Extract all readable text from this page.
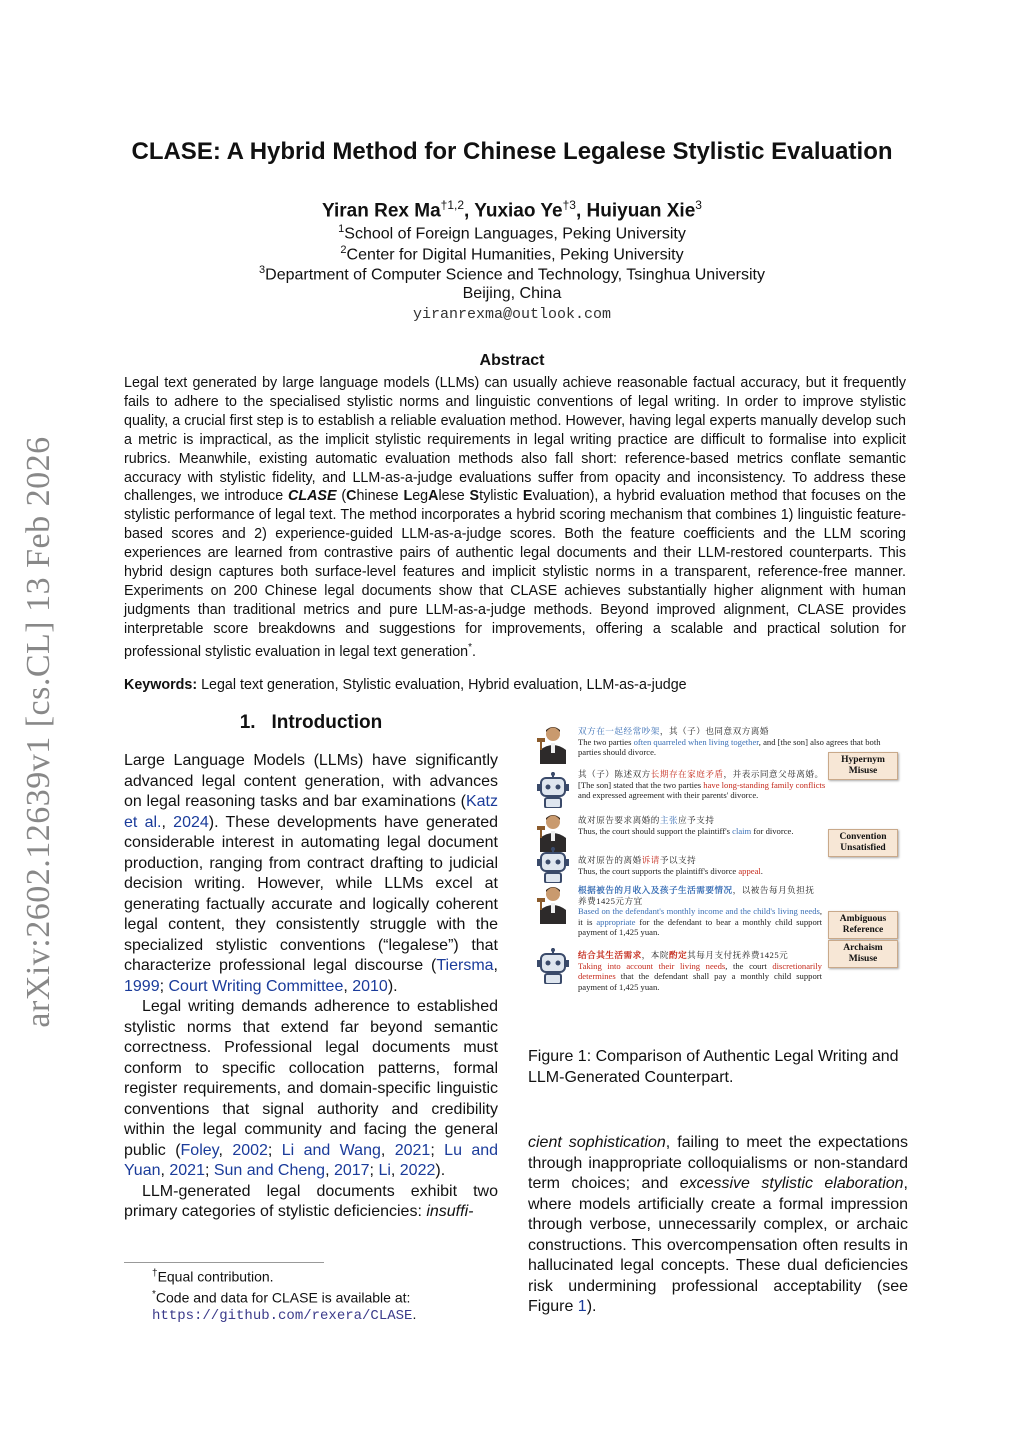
arXiv:2602.12639v1 [cs.CL] 13 Feb 2026
CLASE: A Hybrid Method for Chinese Legalese Stylistic Evaluation
Yiran Rex Ma$^{\dagger 1,2}$, Yuxiao Ye$^{\dagger 3}$, Huiyuan Xie$^3$
$^1$School of Foreign Languages, Peking University
$^2$Center for Digital Humanities, Peking University
$^3$Department of Computer Science and Technology, Tsinghua University
Beijing, China
yiranrexma@outlook.com
Abstract
Legal text generated by large language models (LLMs) can usually achieve reasonable factual accuracy, but it frequently fails to adhere to the specialised stylistic norms and linguistic conventions of legal writing. In order to improve stylistic quality, a crucial first step is to establish a reliable evaluation method. However, having legal experts manually develop such a metric is impractical, as the implicit stylistic requirements in legal writing practice are difficult to formalise into explicit rubrics. Meanwhile, existing automatic evaluation methods also fall short: reference-based metrics conflate semantic accuracy with stylistic fidelity, and LLM-as-a-judge evaluations suffer from opacity and inconsistency. To address these challenges, we introduce CLASE (Chinese LegAlese Stylistic Evaluation), a hybrid evaluation method that focuses on the stylistic performance of legal text. The method incorporates a hybrid scoring mechanism that combines 1) linguistic feature-based scores and 2) experience-guided LLM-as-a-judge scores. Both the feature coefficients and the LLM scoring experiences are learned from contrastive pairs of authentic legal documents and their LLM-restored counterparts. This hybrid design captures both surface-level features and implicit stylistic norms in a transparent, reference-free manner. Experiments on 200 Chinese legal documents show that CLASE achieves substantially higher alignment with human judgments than traditional metrics and pure LLM-as-a-judge methods. Beyond improved alignment, CLASE provides interpretable score breakdowns and suggestions for improvements, offering a scalable and practical solution for professional stylistic evaluation in legal text generation*.
Keywords: Legal text generation, Stylistic evaluation, Hybrid evaluation, LLM-as-a-judge
1. Introduction

Large Language Models (LLMs) have significantly advanced legal content generation, with advances on legal reasoning tasks and bar examinations (Katz et al., 2024). These developments have generated considerable interest in automating legal document production, ranging from contract drafting to judicial decision writing. However, while LLMs excel at generating factually accurate and logically coherent legal content, they consistently struggle with the specialized stylistic conventions (“legalese”) that characterize professional legal discourse (Tiersma, 1999; Court Writing Committee, 2010).

Legal writing demands adherence to established stylistic norms that extend far beyond semantic correctness. Professional legal documents must conform to specific collocation patterns, formal register requirements, and domain-specific linguistic conventions that signal authority and credibility within the legal community and facing the general public (Foley, 2002; Li and Wang, 2021; Lu and Yuan, 2021; Sun and Cheng, 2017; Li, 2022).

LLM-generated legal documents exhibit two primary categories of stylistic deficiencies: insuffi-

†Equal contribution.
*Code and data for CLASE is available at: https://github.com/rexera/CLASE.
双方在一起经常吵架，其（子）也同意双方离婚
The two parties often quarreled when living together, and [the son] also agrees that both parties should divorce.
其（子）陈述双方长期存在家庭矛盾，并表示同意父母离婚。
[The son] stated that the two parties have long-standing family conflicts and expressed agreement with their parents' divorce.
Hypernym
Misuse
故对原告要求离婚的主张应予支持
Thus, the court should support the plaintiff's claim for divorce.
Convention
Unsatisfied
故对原告的离婚诉请予以支持
Thus, the court supports the plaintiff's divorce appeal.
根据被告的月收入及孩子生活需要情况，以被告每月负担抚养费1425元方宜
Based on the defendant's monthly income and the child's living needs, it is appropriate for the defendant to bear a monthly child support payment of 1,425 yuan.
Ambiguous
Reference
结合其生活需求，本院酌定其每月支付抚养费1425元
Taking into account their living needs, the court discretionarily determines that the defendant shall pay a monthly child support payment of 1,425 yuan.
Archaism
Misuse
Figure 1: Comparison of Authentic Legal Writing and LLM-Generated Counterpart.

cient sophistication, failing to meet the expectations through inappropriate colloquialisms or non-standard term choices; and excessive stylistic elaboration, where models artificially create a formal impression through verbose, unnecessarily complex, or archaic constructions. This overcompensation often results in hallucinated legal concepts. These dual deficiencies risk undermining professional acceptability (see Figure 1).
